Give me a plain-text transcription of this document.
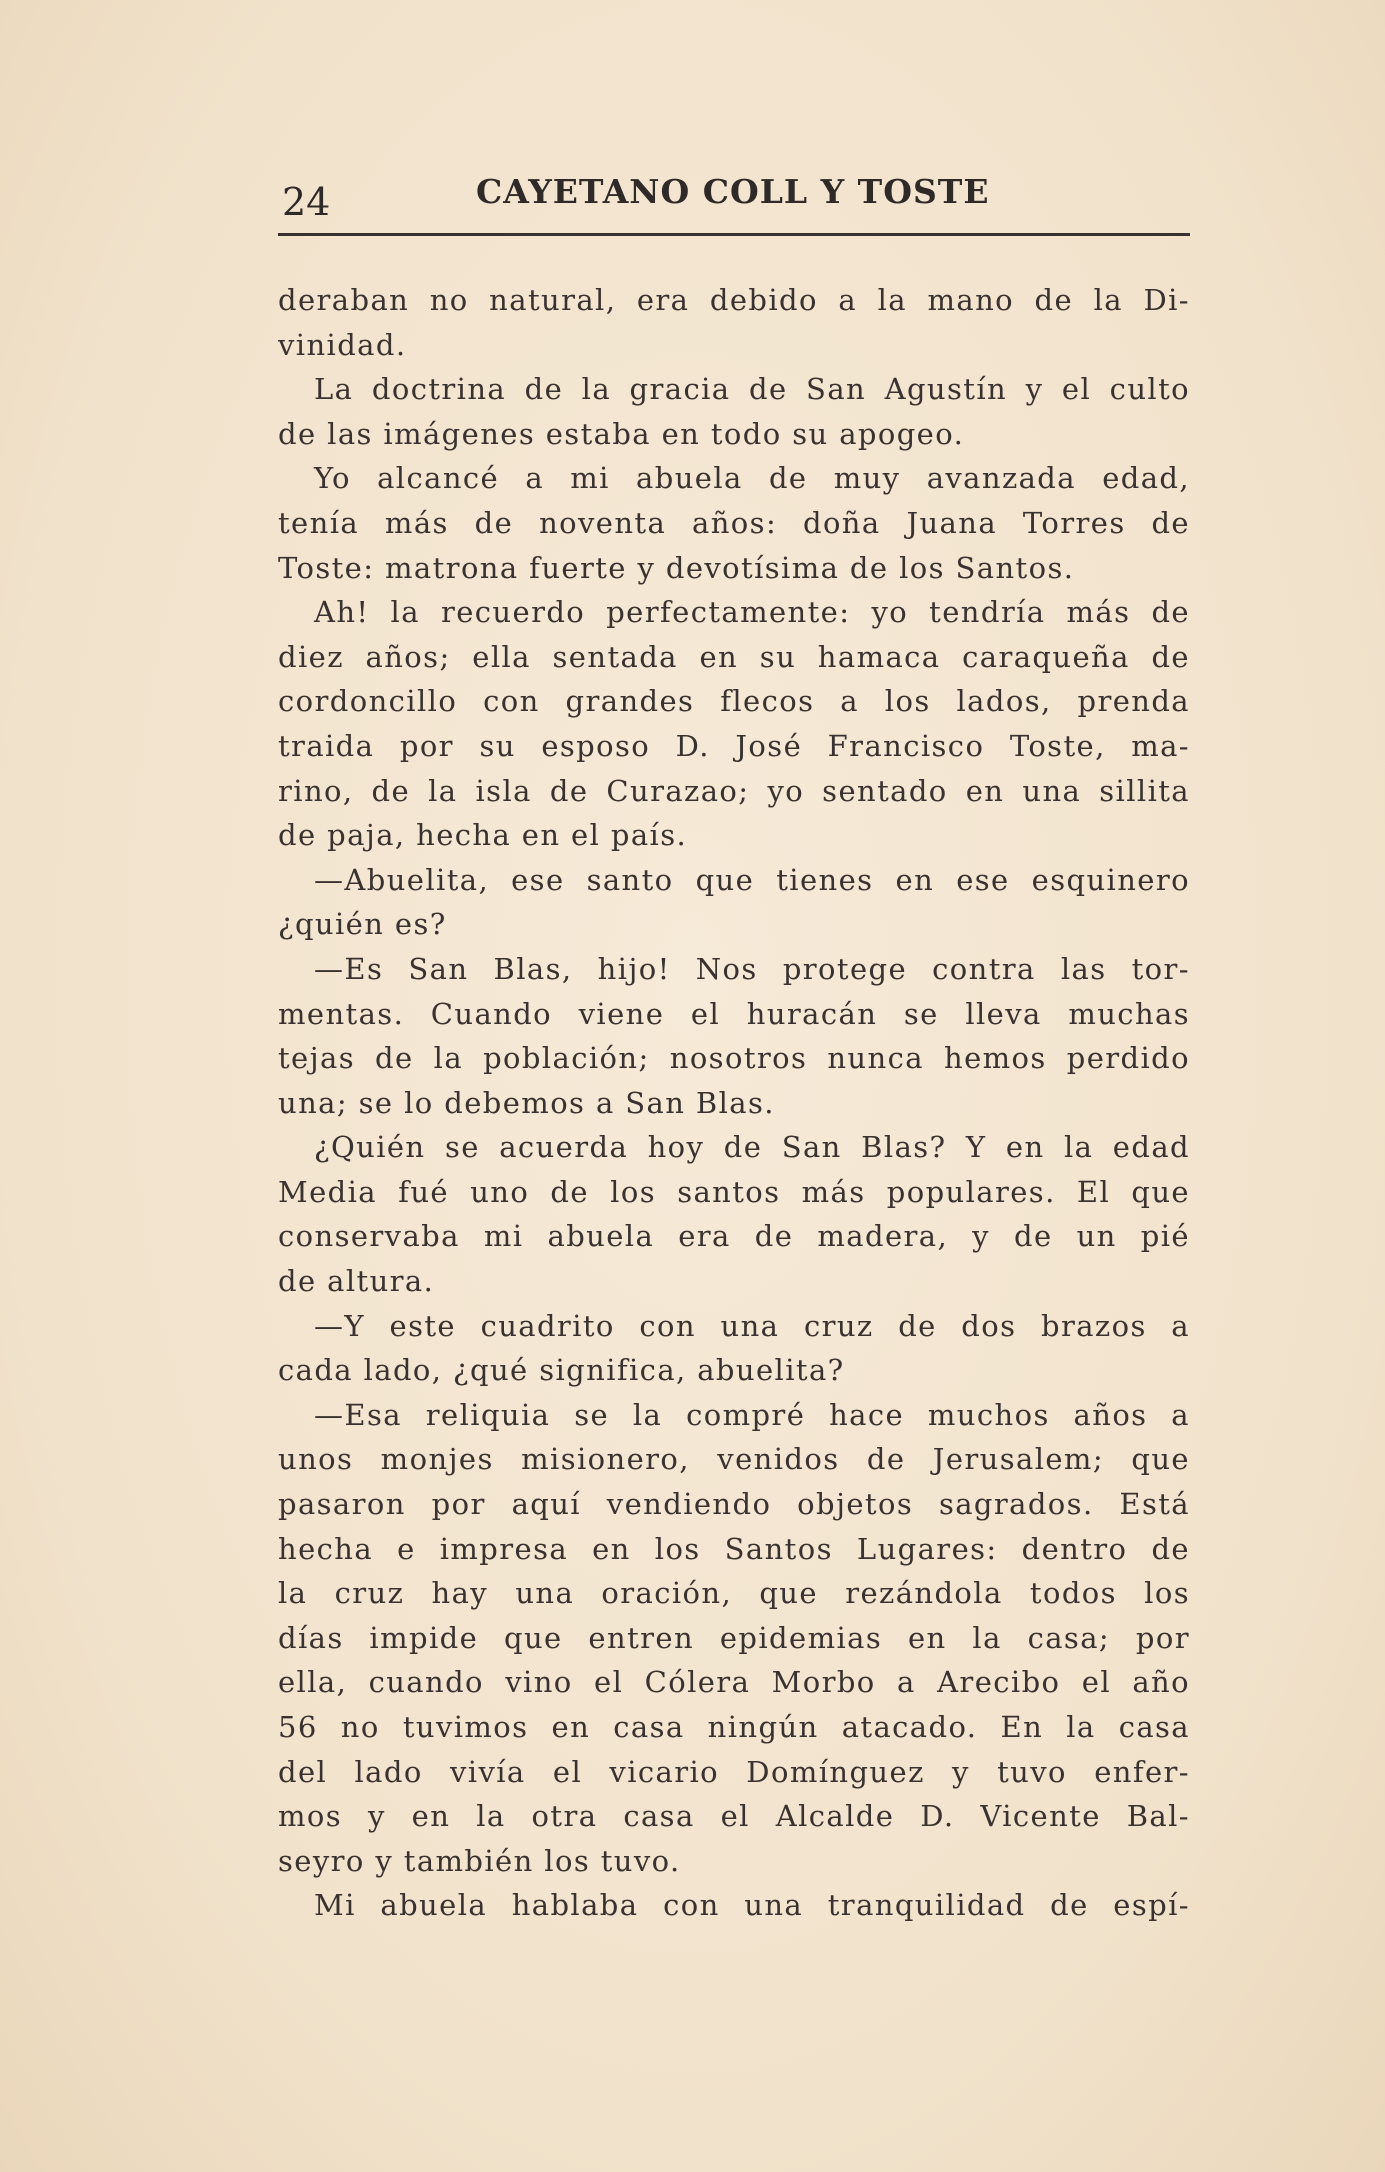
24	CAYETANO COLL Y TOSTE
deraban no natural, era debido a la mano de la Di-
vinidad.
La doctrina de la gracia de San Agustín y el culto
de las imágenes estaba en todo su apogeo.
Yo alcancé a mi abuela de muy avanzada edad,
tenía más de noventa años: doña Juana Torres de
Toste: matrona fuerte y devotísima de los Santos.
Ah! la recuerdo perfectamente: yo tendría más de
diez años; ella sentada en su hamaca caraqueña de
cordoncillo con grandes flecos a los lados, prenda
traida por su esposo D. José Francisco Toste, ma-
rino, de la isla de Curazao; yo sentado en una sillita
de paja, hecha en el país.
—Abuelita, ese santo que tienes en ese esquinero
¿quién es?
—Es San Blas, hijo! Nos protege contra las tor-
mentas. Cuando viene el huracán se lleva muchas
tejas de la población; nosotros nunca hemos perdido
una; se lo debemos a San Blas.
¿Quién se acuerda hoy de San Blas? Y en la edad
Media fué uno de los santos más populares. El que
conservaba mi abuela era de madera, y de un pié
de altura.
—Y este cuadrito con una cruz de dos brazos a
cada lado, ¿qué significa, abuelita?
—Esa reliquia se la compré hace muchos años a
unos monjes misionero, venidos de Jerusalem; que
pasaron por aquí vendiendo objetos sagrados. Está
hecha e impresa en los Santos Lugares: dentro de
la cruz hay una oración, que rezándola todos los
días impide que entren epidemias en la casa; por
ella, cuando vino el Cólera Morbo a Arecibo el año
56 no tuvimos en casa ningún atacado. En la casa
del lado vivía el vicario Domínguez y tuvo enfer-
mos y en la otra casa el Alcalde D. Vicente Bal-
seyro y también los tuvo.
Mi abuela hablaba con una tranquilidad de espí-
